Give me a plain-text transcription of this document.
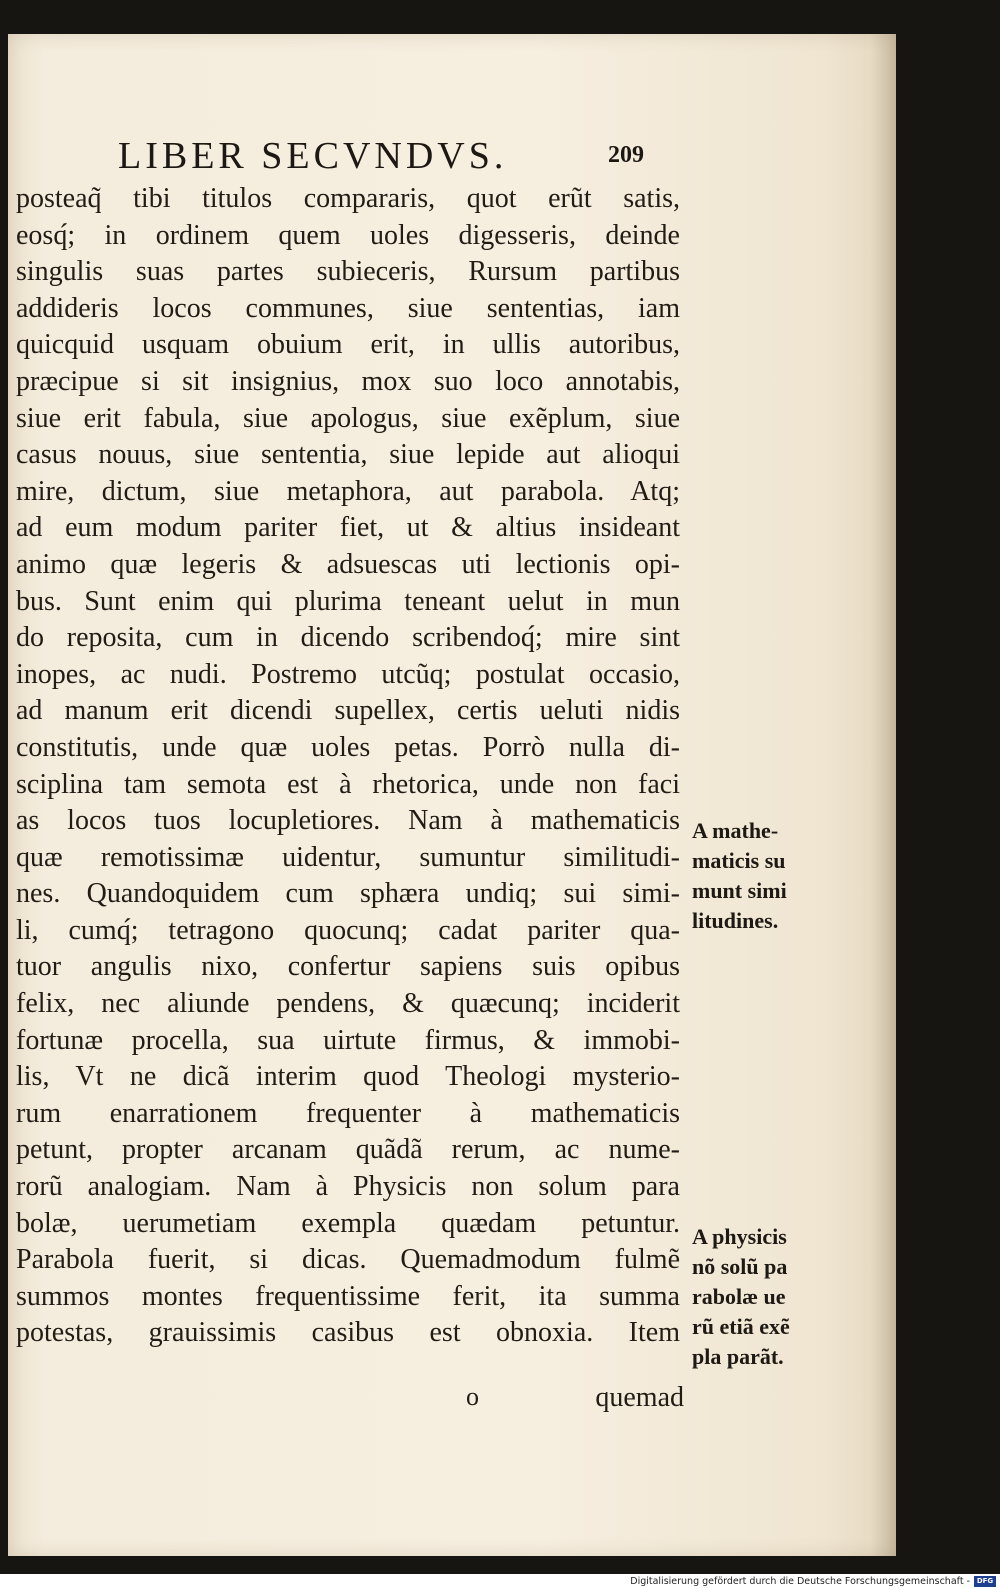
LIBER SECVNDVS.	209
posteaq̃ tibi titulos compararis, quot erũt satis,
eosq́; in ordinem quem uoles digesseris, deinde
singulis suas partes subieceris, Rursum partibus
addideris locos communes, siue sententias, iam
quicquid usquam obuium erit, in ullis autoribus,
præcipue si sit insignius, mox suo loco annotabis,
siue erit fabula, siue apologus, siue exẽplum, siue
casus nouus, siue sententia, siue lepide aut alioqui
mire, dictum, siue metaphora, aut parabola. Atq;
ad eum modum pariter fiet, ut & altius insideant
animo quæ legeris & adsuescas uti lectionis opi-
bus. Sunt enim qui plurima teneant uelut in mun
do reposita, cum in dicendo scribendoq́; mire sint
inopes, ac nudi. Postremo utcũq; postulat occasio,
ad manum erit dicendi supellex, certis ueluti nidis
constitutis, unde quæ uoles petas. Porrò nulla di-
sciplina tam semota est à rhetorica, unde non faci
as locos tuos locupletiores. Nam à mathematicis
quæ remotissimæ uidentur, sumuntur similitudi-
nes. Quandoquidem cum sphæra undiq; sui simi-
li, cumq́; tetragono quocunq; cadat pariter qua-
tuor angulis nixo, confertur sapiens suis opibus
felix, nec aliunde pendens, & quæcunq; inciderit
fortunæ procella, sua uirtute firmus, & immobi-
lis, Vt ne dicã interim quod Theologi mysterio-
rum enarrationem frequenter à mathematicis
petunt, propter arcanam quãdã rerum, ac nume-
rorũ analogiam. Nam à Physicis non solum para
bolæ, uerumetiam exempla quædam petuntur.
Parabola fuerit, si dicas. Quemadmodum fulmẽ
summos montes frequentissime ferit, ita summa
potestas, grauissimis casibus est obnoxia. Item
o	quemad
A mathe-
maticis su
munt simi
litudines.
A physicis
nõ solũ pa
rabolæ ue
rũ etiã exẽ
pla parãt.
Digitalisierung gefördert durch die Deutsche Forschungsgemeinschaft - DFG
